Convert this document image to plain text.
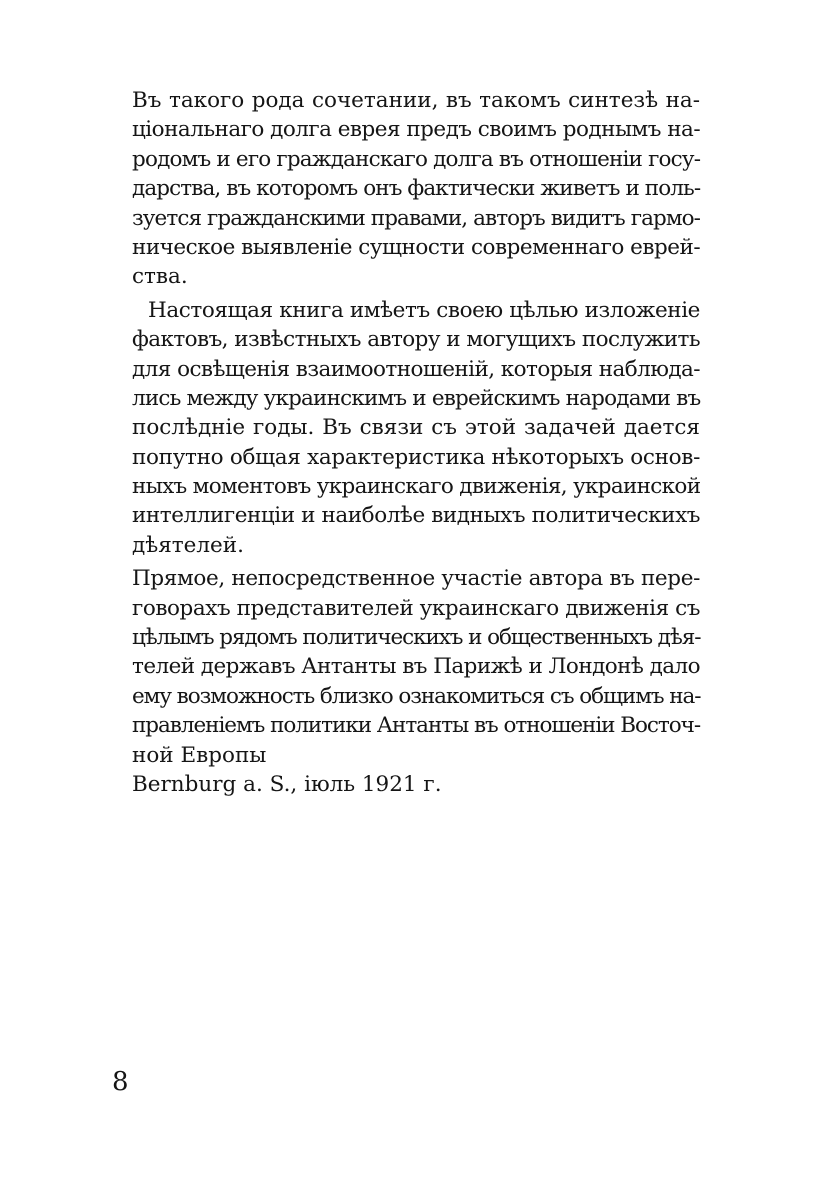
Въ такого рода сочетании, въ такомъ синтезѣ на-
ціональнаго долга еврея предъ своимъ роднымъ на-
родомъ и его гражданскаго долга въ отношеніи госу-
дарства, въ которомъ онъ фактически живетъ и поль-
зуется гражданскими правами, авторъ видитъ гармо-
ническое выявленіе сущности современнаго еврей-
ства.
Настоящая книга имѣетъ своею цѣлью изложеніе
фактовъ, извѣстныхъ автору и могущихъ послужить
для освѣщенія взаимоотношеній, которыя наблюда-
лись между украинскимъ и еврейскимъ народами въ
послѣдніе годы. Въ связи съ этой задачей дается
попутно общая характеристика нѣкоторыхъ основ-
ныхъ моментовъ украинскаго движенія, украинской
интеллигенціи и наиболѣе видныхъ политическихъ
дѣятелей.
Прямое, непосредственное участіе автора въ пере-
говорахъ представителей украинскаго движенія съ
цѣлымъ рядомъ политическихъ и общественныхъ дѣя-
телей державъ Антанты въ Парижѣ и Лондонѣ дало
ему возможность близко ознакомиться съ общимъ на-
правленіемъ политики Антанты въ отношеніи Восточ-
ной Европы
Bernburg a. S., іюль 1921 г.
8
